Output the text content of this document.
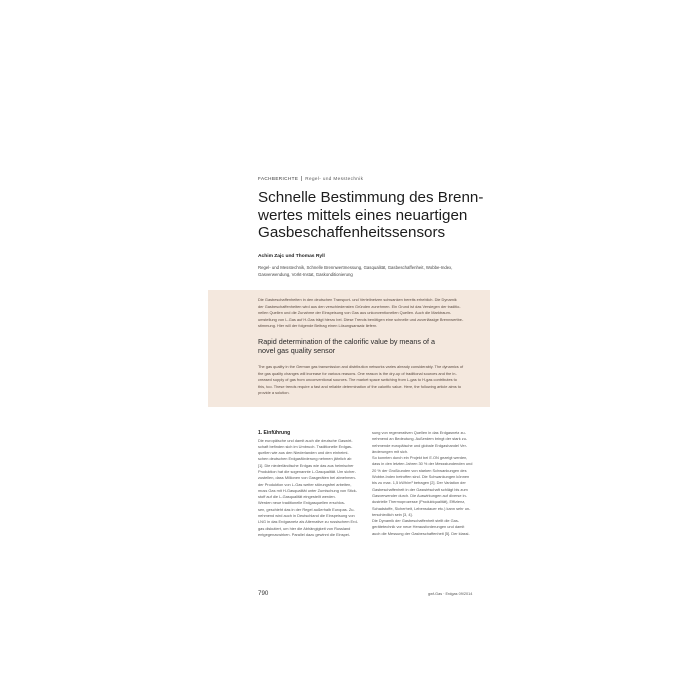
FACHBERICHTE Regel- und Messtechnik
Schnelle Bestimmung des Brenn-
wertes mittels eines neuartigen
Gasbeschaffenheitssensors
Achim Zajc und Thomas Ryll
Regel- und Messtechnik, Schnelle Brennwertmessung, Gasqualität, Gasbeschaffenheit, Wobbe-Index,
Gasverwendung, Vorkt-Instat, Gaskonditionierung
Die Gasbeschaffenheiten in den deutschen Transport- und Verteilnetzen schwanken bereits erheblich. Die Dynamik
der Gasbeschaffenheiten wird aus den verschiedensten Gründen zunehmen. Ein Grund ist das Versiegen der traditio-
nellen Quellen und die Zunahme der Einspeisung von Gas aus unkonventionellen Quellen. Auch die Marktraum-
umstellung von L-Gas auf H-Gas trägt hierzu bei. Diese Trends benötigen eine schnelle und zuverlässige Brennwertbe-
stimmung. Hier will der folgende Beitrag einen Lösungsansatz liefern.
Rapid determination of the calorific value by means of a
novel gas quality sensor
The gas quality in the German gas transmission and distribution networks varies already considerably. The dynamics of
the gas quality changes will increase for various reasons. One reason is the dry-up of traditional sources and the in-
creased supply of gas from unconventional sources. The market space switching from L-gas to H-gas contributes to
this, too. These trends require a fast and reliable determination of the calorific value. Here, the following article aims to
provide a solution.
1. Einführung
Die europäische und damit auch die deutsche Gaswirt-
schaft befinden sich im Umbruch. Traditionelle Erdgas-
quellen wie aus den Niederlanden und den einheimi-
schen deutschen Erdgasförderung nehmen jährlich ab
[1]. Die niederländische Erdgas wie das aus heimischer
Produktion hat die sogenannte L-Gasqualität. Um sicher-
zustellen, dass Millionen von Gasgeräten bei abnehmen-
der Produktion von L-Gas weiter störungsfrei arbeiten,
muss Gas mit H-Gasqualität unter Zumischung von Stick-
stoff auf die L-Gasqualität eingestellt werden.
Werden neue traditionelle Erdgasquellen erschlos-
sen, geschieht das in der Regel außerhalb Europas. Zu-
nehmend wird auch in Deutschland die Einspeisung von
LNG in das Erdgasnetz als Alternative zu russischem Erd-
gas diskutiert, um hier die Abhängigkeit von Russland
entgegenzuwirken. Parallel dazu gewinnt die Einspei-
sung von regenerativen Quellen in das Erdgasnetz zu-
nehmend an Bedeutung. Außerdem bringt der stark zu-
nehmende europäische und globale Erdgashandel Ver-
änderungen mit sich.
So konnten durch ein Projekt bei E.ON gezeigt werden,
dass in den letzten Jahren 30 % der Messstundenden und
20 % der Großkunden von starken Schwankungen des
Wobbe-Index betroffen sind. Die Schwankungen können
bis zu max. 1,5 kWh/m³ betragen [2]. Der Variation der
Gasbeschaffenheit in der Gaswirtschaft schlägt bis zum
Gasverwender durch. Die Auswirkungen auf diverse in-
dustrielle Thermoprozesse (Produktqualität), Effizienz,
Schadstoffe, Sicherheit, Lebensdauer etc.) kann sehr un-
terschiedlich sein [3, 4].
Die Dynamik der Gasbeschaffenheit stellt die Gas-
gerätetechnik vor neue Herausforderungen und damit
auch die Messung der Gasbeschaffenheit [5]. Der klassi-
790	gwf-Gas · Erdgas 09/2014
